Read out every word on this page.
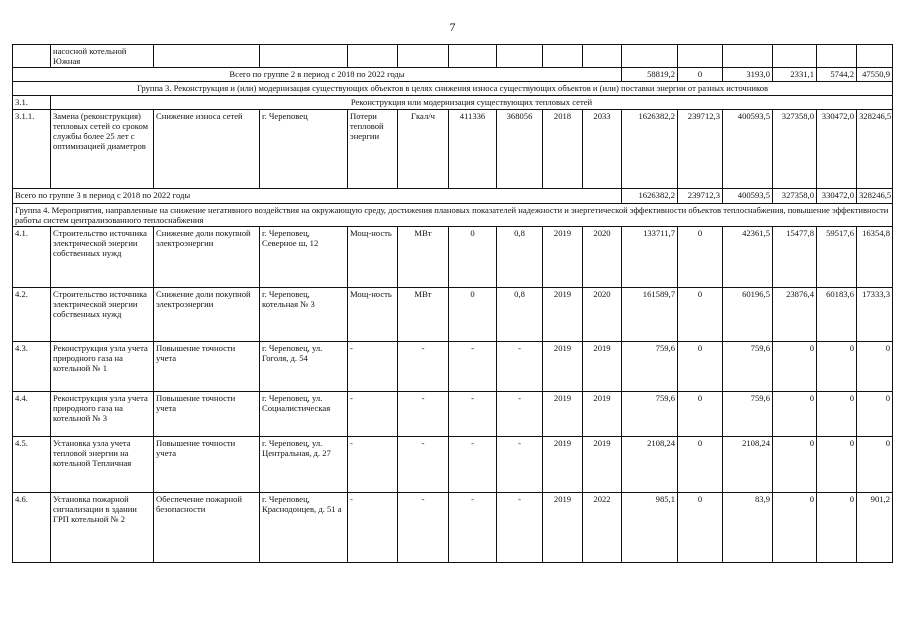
7
	насосной котельной Южная														
Всего по группе 2 в период с 2018 по 2022 годы										58819,2	0	3193,0	2331,1	5744,2	47550,9
Группа 3. Реконструкция и (или) модернизация существующих объектов в целях снижения износа существующих объектов и (или) поставки энергии от разных источников															
3.1.	Реконструкция или модернизация существующих тепловых сетей														
3.1.1.	Замена (реконструкция) тепловых сетей со сроком службы более 25 лет с оптимизацией диаметров	Снижение износа сетей	г. Череповец	Потери тепловой энергии	Гкал/ч	411336	368056	2018	2033	1626382,2	239712,3	400593,5	327358,0	330472,0	328246,5
Всего по группе 3 в период с 2018 по 2022 годы										1626382,2	239712,3	400593,5	327358,0	330472,0	328246,5
Группа 4. Мероприятия, направленные на снижение негативного воздействия на окружающую среду, достижения плановых показателей надежности и энергетической эффективности объектов теплоснабжения, повышение эффективности работы систем централизованного теплоснабжения															
4.1.	Строительство источника электрической энергии собственных нужд	Снижение доли покупной электроэнергии	г. Череповец, Северное ш, 12	Мощ-ность	МВт	0	0,8	2019	2020	133711,7	0	42361,5	15477,8	59517,6	16354,8
4.2.	Строительство источника электрической энергии собственных нужд	Снижение доли покупной электроэнергии	г. Череповец, котельная № 3	Мощ-ность	МВт	0	0,8	2019	2020	161589,7	0	60196,5	23876,4	60183,6	17333,3
4.3.	Реконструкция узла учета природного газа на котельной № 1	Повышение точности учета	г. Череповец, ул. Гоголя, д. 54	-	-	-	-	2019	2019	759,6	0	759,6	0	0	0
4.4.	Реконструкция узла учета природного газа на котельной № 3	Повышение точности учета	г. Череповец, ул. Социалистическая	-	-	-	-	2019	2019	759,6	0	759,6	0	0	0
4.5.	Установка узла учета тепловой энергии на котельной Тепличная	Повышение точности учета	г. Череповец, ул. Центральная, д. 27	-	-	-	-	2019	2019	2108,24	0	2108,24	0	0	0
4.6.	Установка пожарной сигнализации в здании ГРП котельной № 2	Обеспечение пожарной безопасности	г. Череповец, Краснодонцев, д. 51 а	-	-	-	-	2019	2022	985,1	0	83,9	0	0	901,2
